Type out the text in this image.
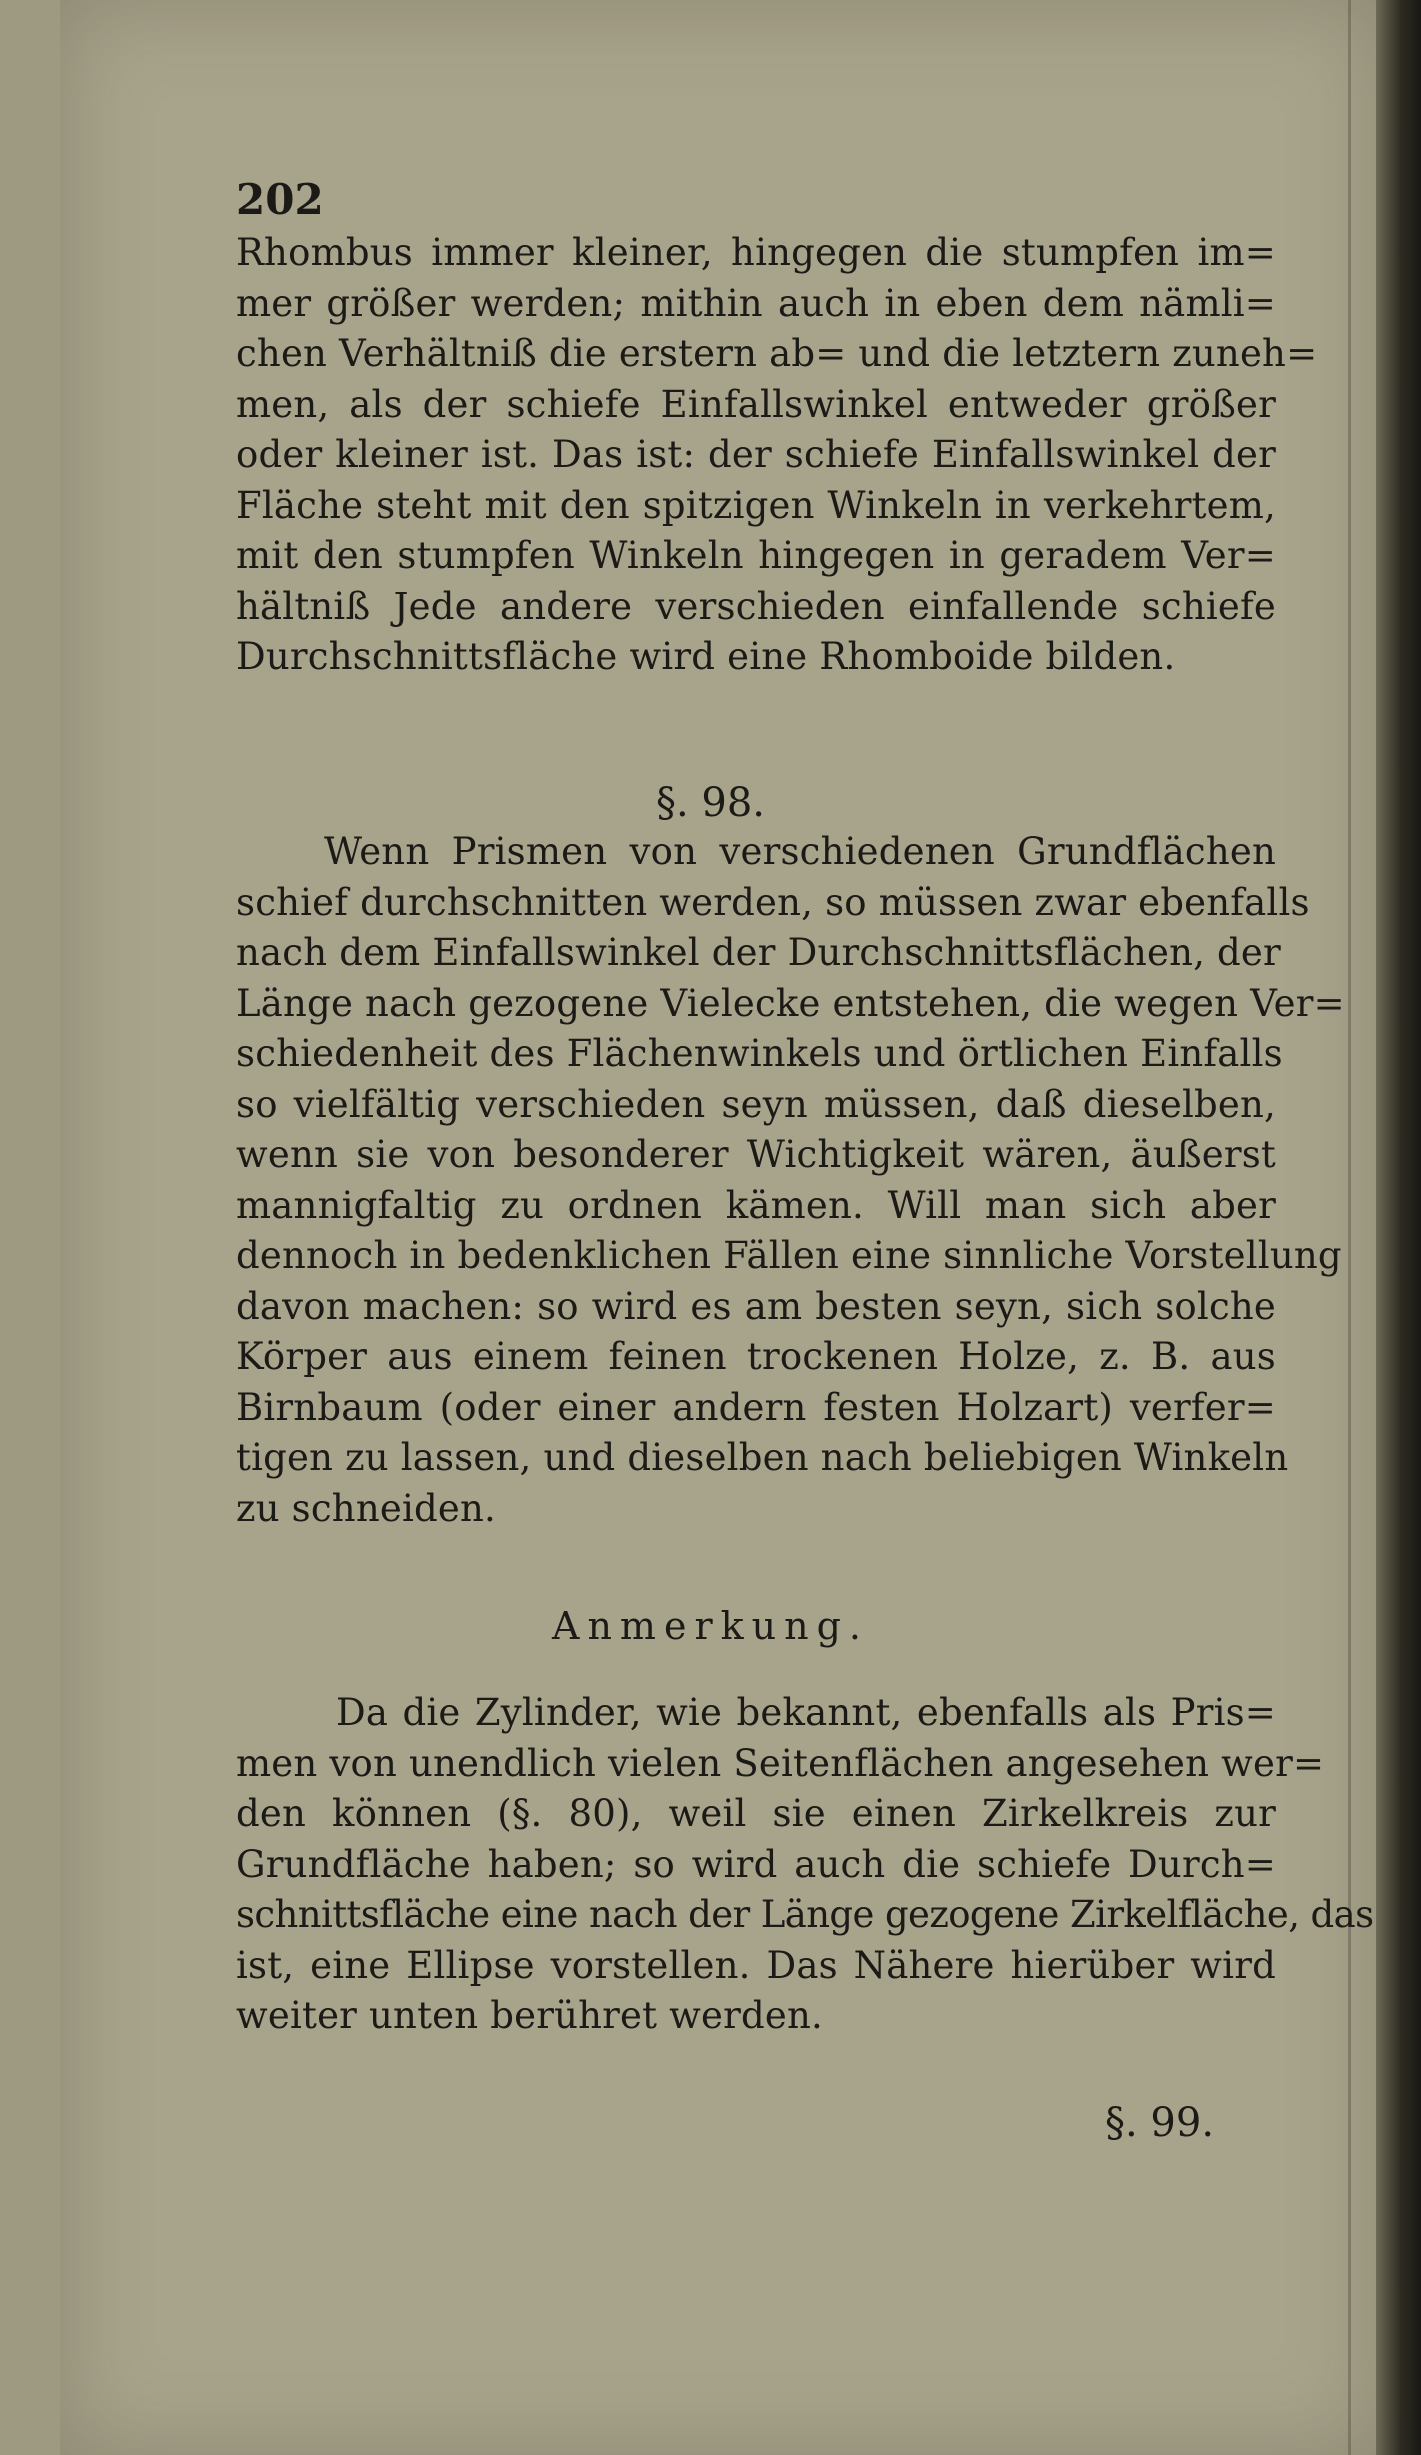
202
Rhombus immer kleiner, hingegen die stumpfen im=
mer größer werden; mithin auch in eben dem nämli=
chen Verhältniß die erstern ab= und die letztern zuneh=
men, als der schiefe Einfallswinkel entweder größer
oder kleiner ist. Das ist: der schiefe Einfallswinkel der
Fläche steht mit den spitzigen Winkeln in verkehrtem,
mit den stumpfen Winkeln hingegen in geradem Ver=
hältniß Jede andere verschieden einfallende schiefe
Durchschnittsfläche wird eine Rhomboide bilden.
§. 98.
Wenn Prismen von verschiedenen Grundflächen
schief durchschnitten werden, so müssen zwar ebenfalls
nach dem Einfallswinkel der Durchschnittsflächen, der
Länge nach gezogene Vielecke entstehen, die wegen Ver=
schiedenheit des Flächenwinkels und örtlichen Einfalls
so vielfältig verschieden seyn müssen, daß dieselben,
wenn sie von besonderer Wichtigkeit wären, äußerst
mannigfaltig zu ordnen kämen. Will man sich aber
dennoch in bedenklichen Fällen eine sinnliche Vorstellung
davon machen: so wird es am besten seyn, sich solche
Körper aus einem feinen trockenen Holze, z. B. aus
Birnbaum (oder einer andern festen Holzart) verfer=
tigen zu lassen, und dieselben nach beliebigen Winkeln
zu schneiden.
Anmerkung.
Da die Zylinder, wie bekannt, ebenfalls als Pris=
men von unendlich vielen Seitenflächen angesehen wer=
den können (§. 80), weil sie einen Zirkelkreis zur
Grundfläche haben; so wird auch die schiefe Durch=
schnittsfläche eine nach der Länge gezogene Zirkelfläche, das
ist, eine Ellipse vorstellen. Das Nähere hierüber wird
weiter unten berühret werden.
§. 99.
